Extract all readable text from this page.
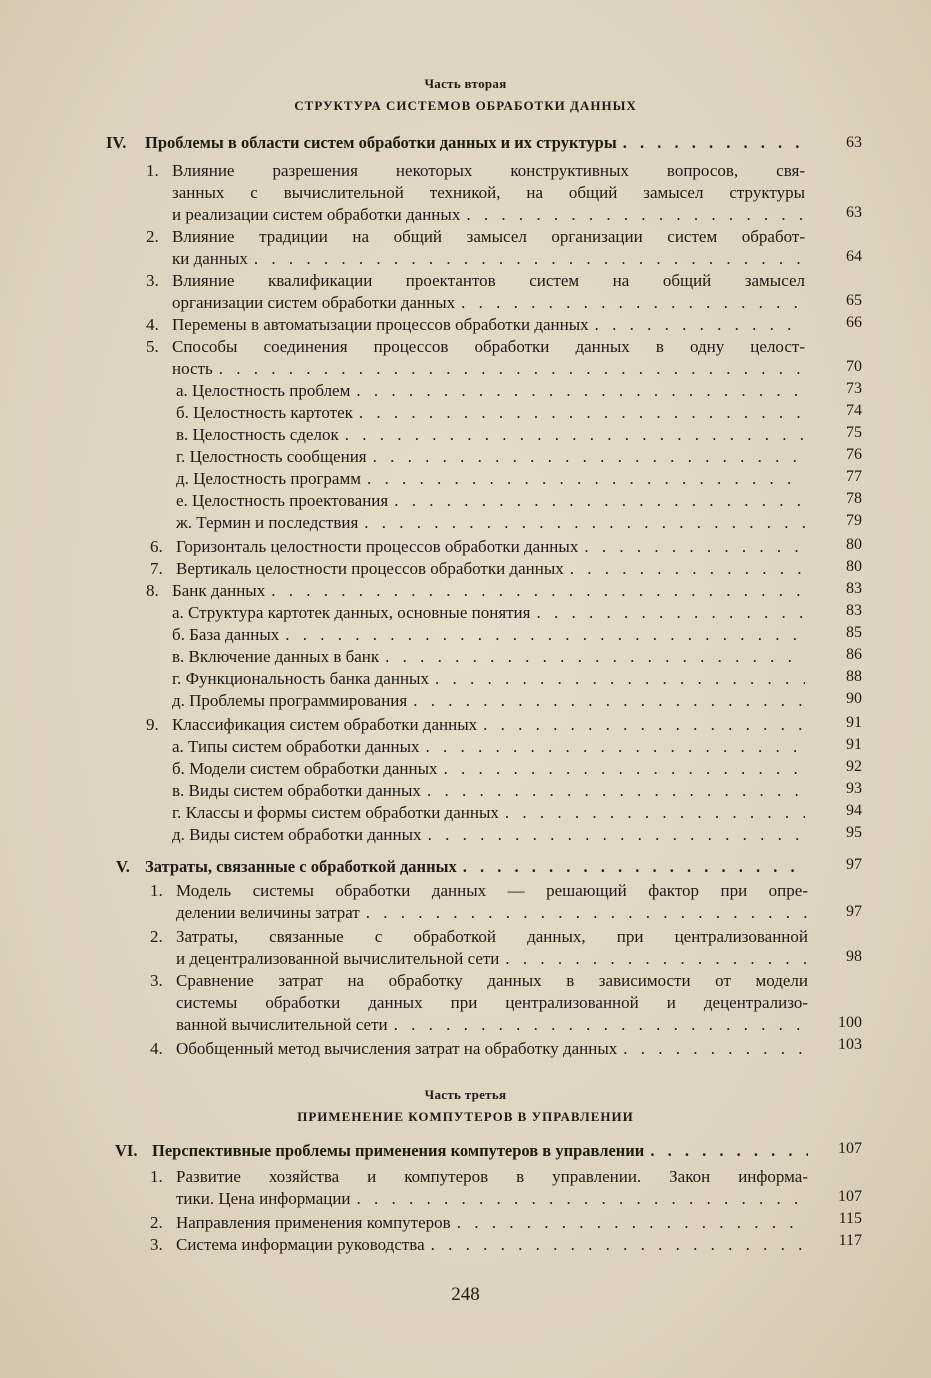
Часть вторая
СТРУКТУРА СИСТЕМОВ ОБРАБОТКИ ДАННЫХ
IV. Проблемы в области систем обработки данных и их структуры . . .	63
1. Влияние разрешения некоторых конструктивных вопросов, свя-
занных с вычислительной техникой, на общий замысел структуры
и реализации систем обработки данных . . .	63
2. Влияние традиции на общий замысел организации систем обработ-
ки данных . . .	64
3. Влияние квалификации проектантов систем на общий замысел
организации систем обработки данных . . .	65
4. Перемены в автоматызации процессов обработки данных . . .	66
5. Способы соединения процессов обработки данных в одну целост-
ность . . .	70
а. Целостность проблем . . .	73
б. Целостность картотек . . .	74
в. Целостность сделок . . .	75
г. Целостность сообщения . . .	76
д. Целостность программ . . .	77
е. Целостность проектования . . .	78
ж. Термин и последствия . . .	79
6. Горизонталь целостности процессов обработки данных . . .	80
7. Вертикаль целостности процессов обработки данных . . .	80
8. Банк данных . . .	83
а. Структура картотек данных, основные понятия . . .	83
б. База данных . . .	85
в. Включение данных в банк . . .	86
г. Функциональность банка данных . . .	88
д. Проблемы программирования . . .	90
9. Классификация систем обработки данных . . .	91
а. Типы систем обработки данных . . .	91
б. Модели систем обработки данных . . .	92
в. Виды систем обработки данных . . .	93
г. Классы и формы систем обработки данных . . .	94
д. Виды систем обработки данных . . .	95
V. Затраты, связанные с обработкой данных . . .	97
1. Модель системы обработки данных — решающий фактор при опре-
делении величины затрат . . .	97
2. Затраты, связанные с обработкой данных, при централизованной
и децентрализованной вычислительной сети . . .	98
3. Сравнение затрат на обработку данных в зависимости от модели
системы обработки данных при централизованной и децентрализо-
ванной вычислительной сети . . .	100
4. Обобщенный метод вычисления затрат на обработку данных . . .	103
Часть третья
ПРИМЕНЕНИЕ КОМПУТЕРОВ В УПРАВЛЕНИИ
VI. Перспективные проблемы применения компутеров в управлении . . .	107
1. Развитие хозяйства и компутеров в управлении. Закон информа-
тики. Цена информации . . .	107
2. Направления применения компутеров . . .	115
3. Система информации руководства . . .	117
248
